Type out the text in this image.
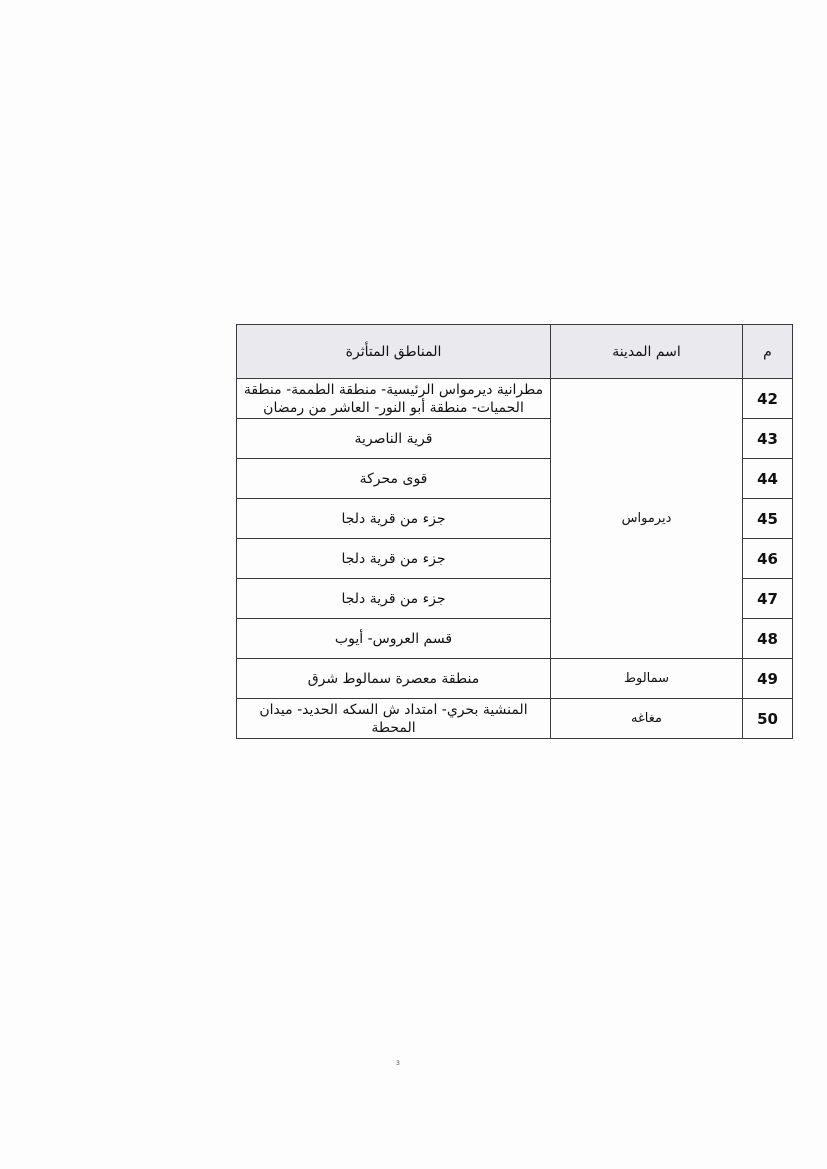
م	اسم المدينة	المناطق المتأثرة
42	ديرمواس	مطرانية ديرمواس الرئيسية- منطقة الطممة- منطقة الحميات- منطقة أبو النور- العاشر من رمضان
43		قرية الناصرية
44		قوى محركة
45		جزء من قرية دلجا
46		جزء من قرية دلجا
47		جزء من قرية دلجا
48		قسم العروس- أيوب
49	سمالوط	منطقة معصرة سمالوط شرق
50	مغاغه	المنشية بحري- امتداد ش السكه الحديد- ميدان المحطة
3
